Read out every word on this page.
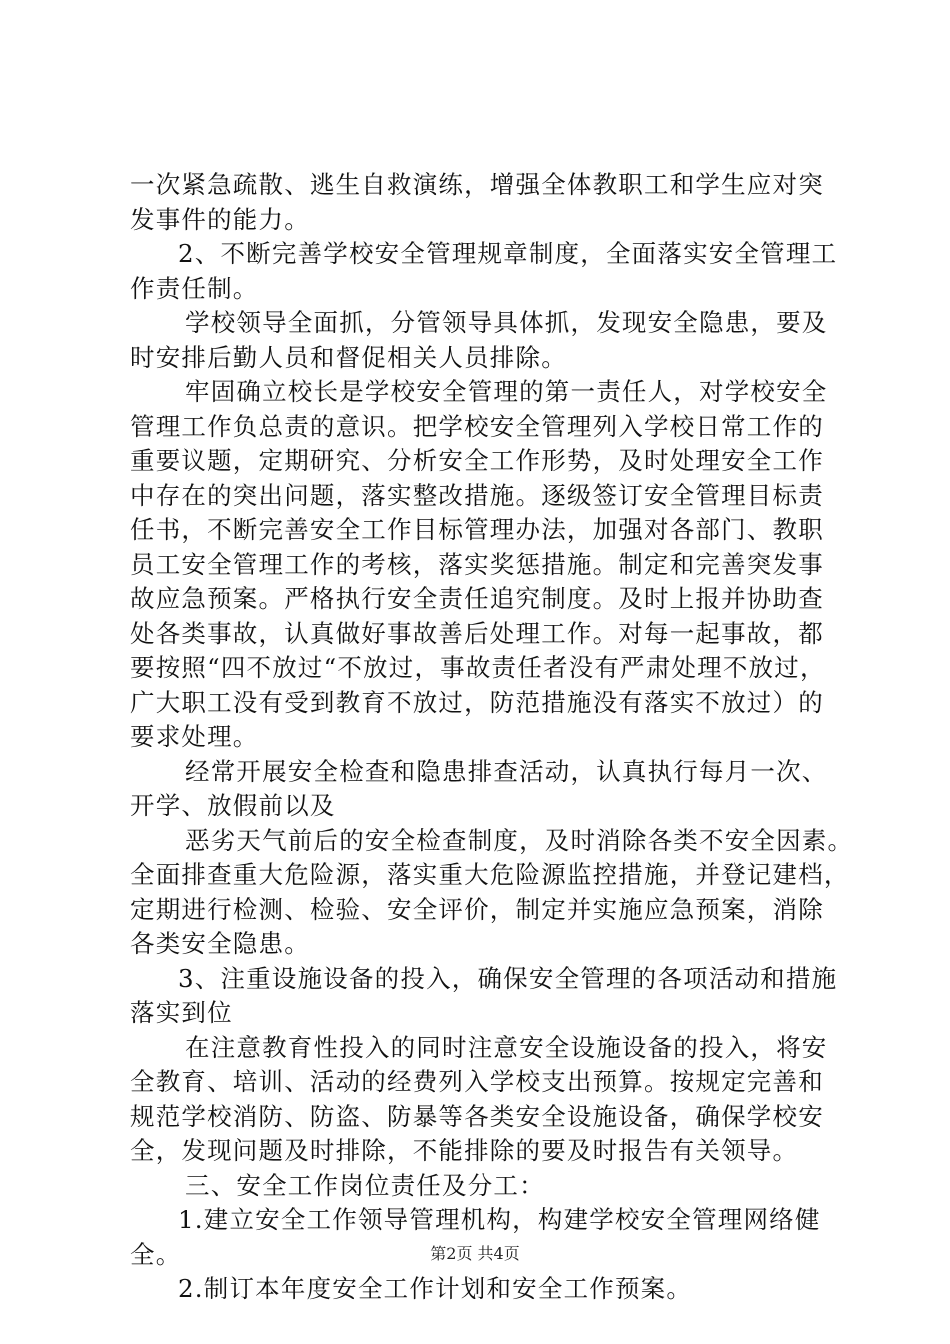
一次紧急疏散、逃生自救演练，增强全体教职工和学生应对突
发事件的能力。
2、不断完善学校安全管理规章制度，全面落实安全管理工
作责任制。
学校领导全面抓，分管领导具体抓，发现安全隐患，要及
时安排后勤人员和督促相关人员排除。
牢固确立校长是学校安全管理的第一责任人，对学校安全
管理工作负总责的意识。把学校安全管理列入学校日常工作的
重要议题，定期研究、分析安全工作形势，及时处理安全工作
中存在的突出问题，落实整改措施。逐级签订安全管理目标责
任书，不断完善安全工作目标管理办法，加强对各部门、教职
员工安全管理工作的考核，落实奖惩措施。制定和完善突发事
故应急预案。严格执行安全责任追究制度。及时上报并协助查
处各类事故，认真做好事故善后处理工作。对每一起事故，都
要按照“四不放过“不放过，事故责任者没有严肃处理不放过，
广大职工没有受到教育不放过，防范措施没有落实不放过）的
要求处理。
经常开展安全检查和隐患排查活动，认真执行每月一次、
开学、放假前以及
恶劣天气前后的安全检查制度，及时消除各类不安全因素。
全面排查重大危险源，落实重大危险源监控措施，并登记建档，
定期进行检测、检验、安全评价，制定并实施应急预案，消除
各类安全隐患。
3、注重设施设备的投入，确保安全管理的各项活动和措施
落实到位
在注意教育性投入的同时注意安全设施设备的投入，将安
全教育、培训、活动的经费列入学校支出预算。按规定完善和
规范学校消防、防盗、防暴等各类安全设施设备，确保学校安
全，发现问题及时排除，不能排除的要及时报告有关领导。
三、安全工作岗位责任及分工：
1.建立安全工作领导管理机构，构建学校安全管理网络健
全。
2.制订本年度安全工作计划和安全工作预案。
第2页 共4页
